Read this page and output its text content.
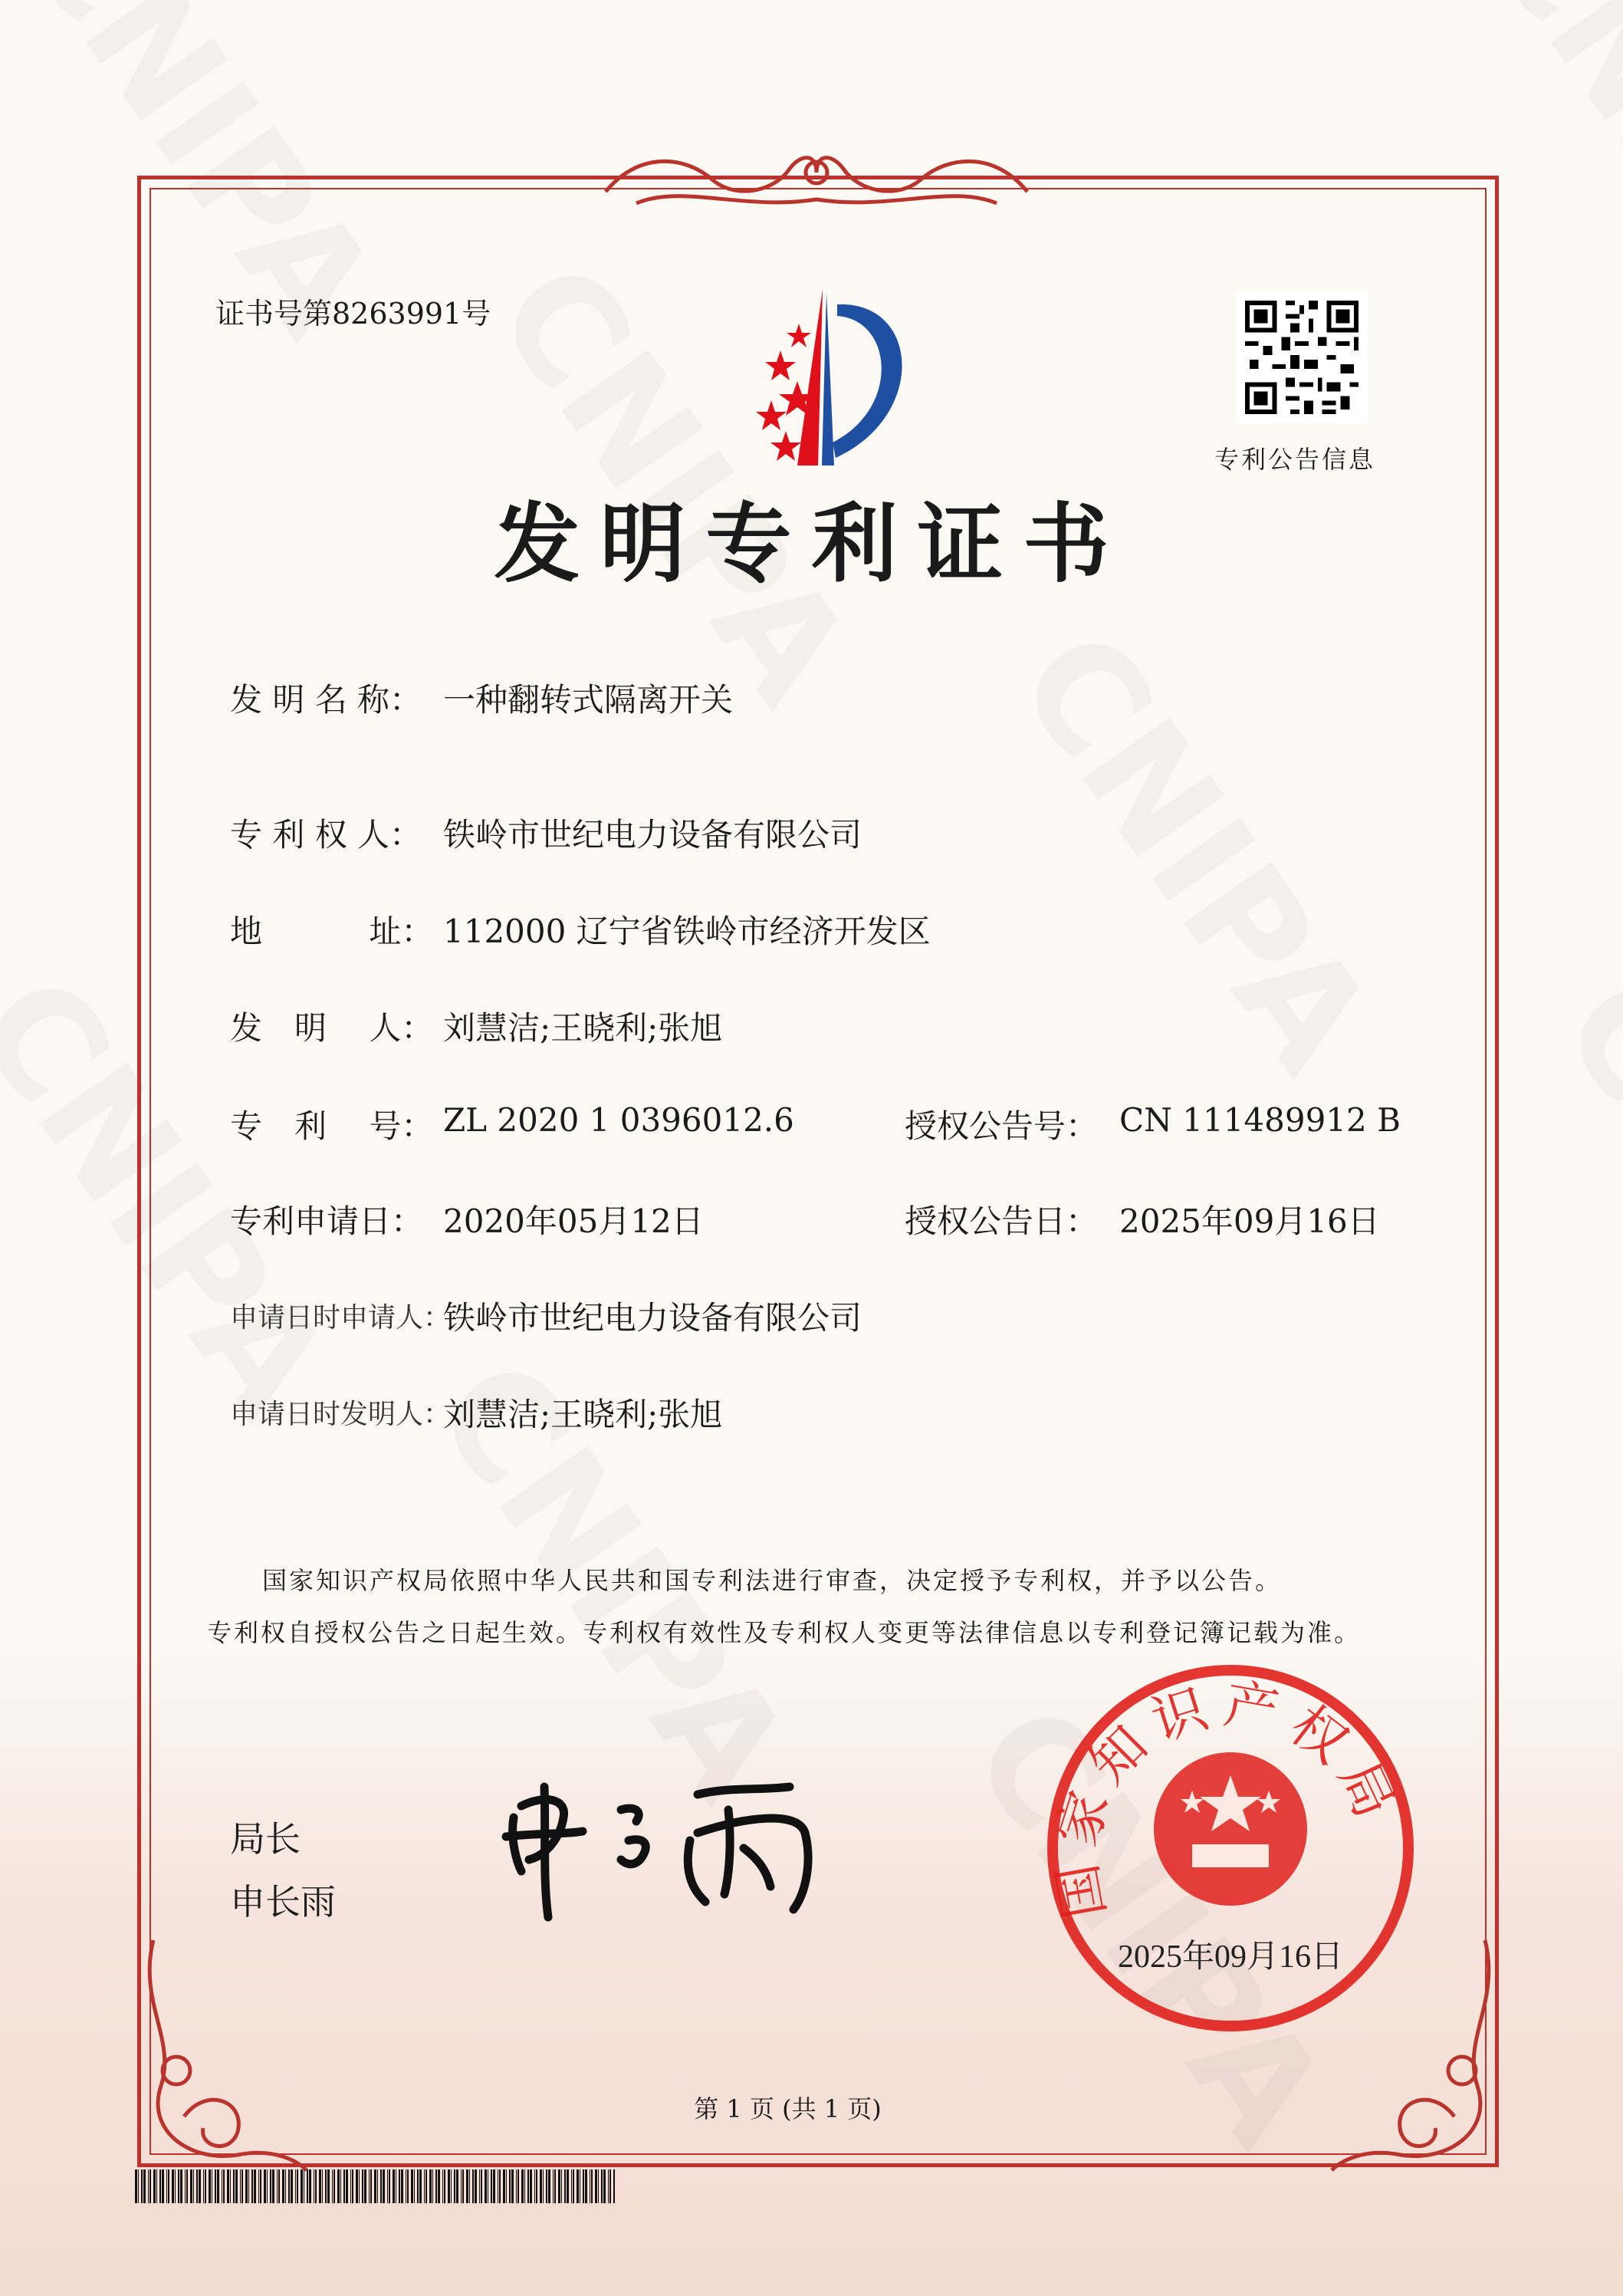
证书号第8263991号
专利公告信息
发明专利证书
发 明 名 称： 一种翻转式隔离开关
专 利 权 人： 铁岭市世纪电力设备有限公司
地　　　 址： 112000 辽宁省铁岭市经济开发区
发　明　 人： 刘慧洁;王晓利;张旭
专　利　 号： ZL 2020 1 0396012.6	授权公告号： CN 111489912 B
专利申请日： 2020年05月12日	授权公告日： 2025年09月16日
申请日时申请人：
铁岭市世纪电力设备有限公司
申请日时发明人：
刘慧洁;王晓利;张旭
国家知识产权局依照中华人民共和国专利法进行审查，决定授予专利权，并予以公告。
专利权自授权公告之日起生效。专利权有效性及专利权人变更等法律信息以专利登记簿记载为准。
局长
申长雨	国家知识产权局
2025年09月16日
第 1 页 (共 1 页)
